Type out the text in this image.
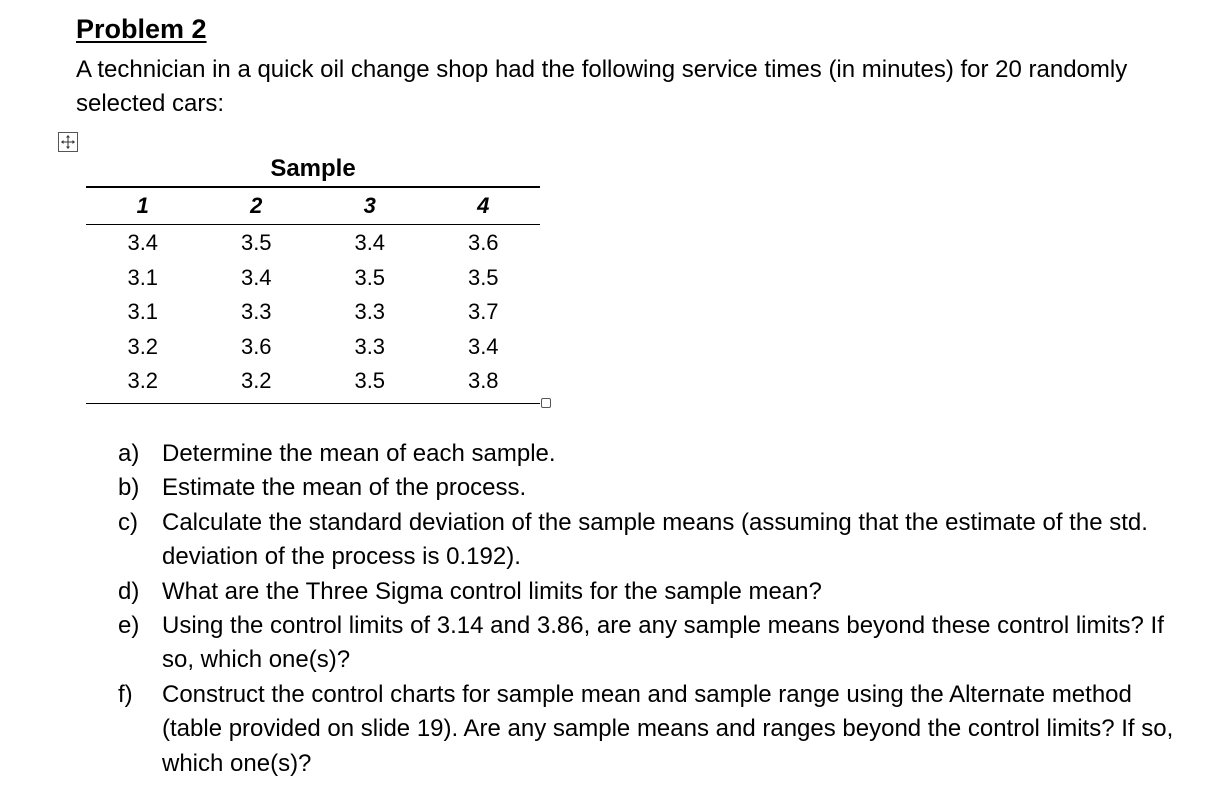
Problem 2
A technician in a quick oil change shop had the following service times (in minutes) for 20 randomly selected cars:
Sample
1	2	3	4
3.4	3.5	3.4	3.6
3.1	3.4	3.5	3.5
3.1	3.3	3.3	3.7
3.2	3.6	3.3	3.4
3.2	3.2	3.5	3.8
a) Determine the mean of each sample.
b) Estimate the mean of the process.
c)	Calculate the standard deviation of the sample means (assuming that the estimate of the std. deviation of the process is 0.192).
d) What are the Three Sigma control limits for the sample mean?
e) Using the control limits of 3.14 and 3.86, are any sample means beyond these control limits? If so, which one(s)?
f)	Construct the control charts for sample mean and sample range using the Alternate method (table provided on slide 19). Are any sample means and ranges beyond the control limits? If so, which one(s)?
